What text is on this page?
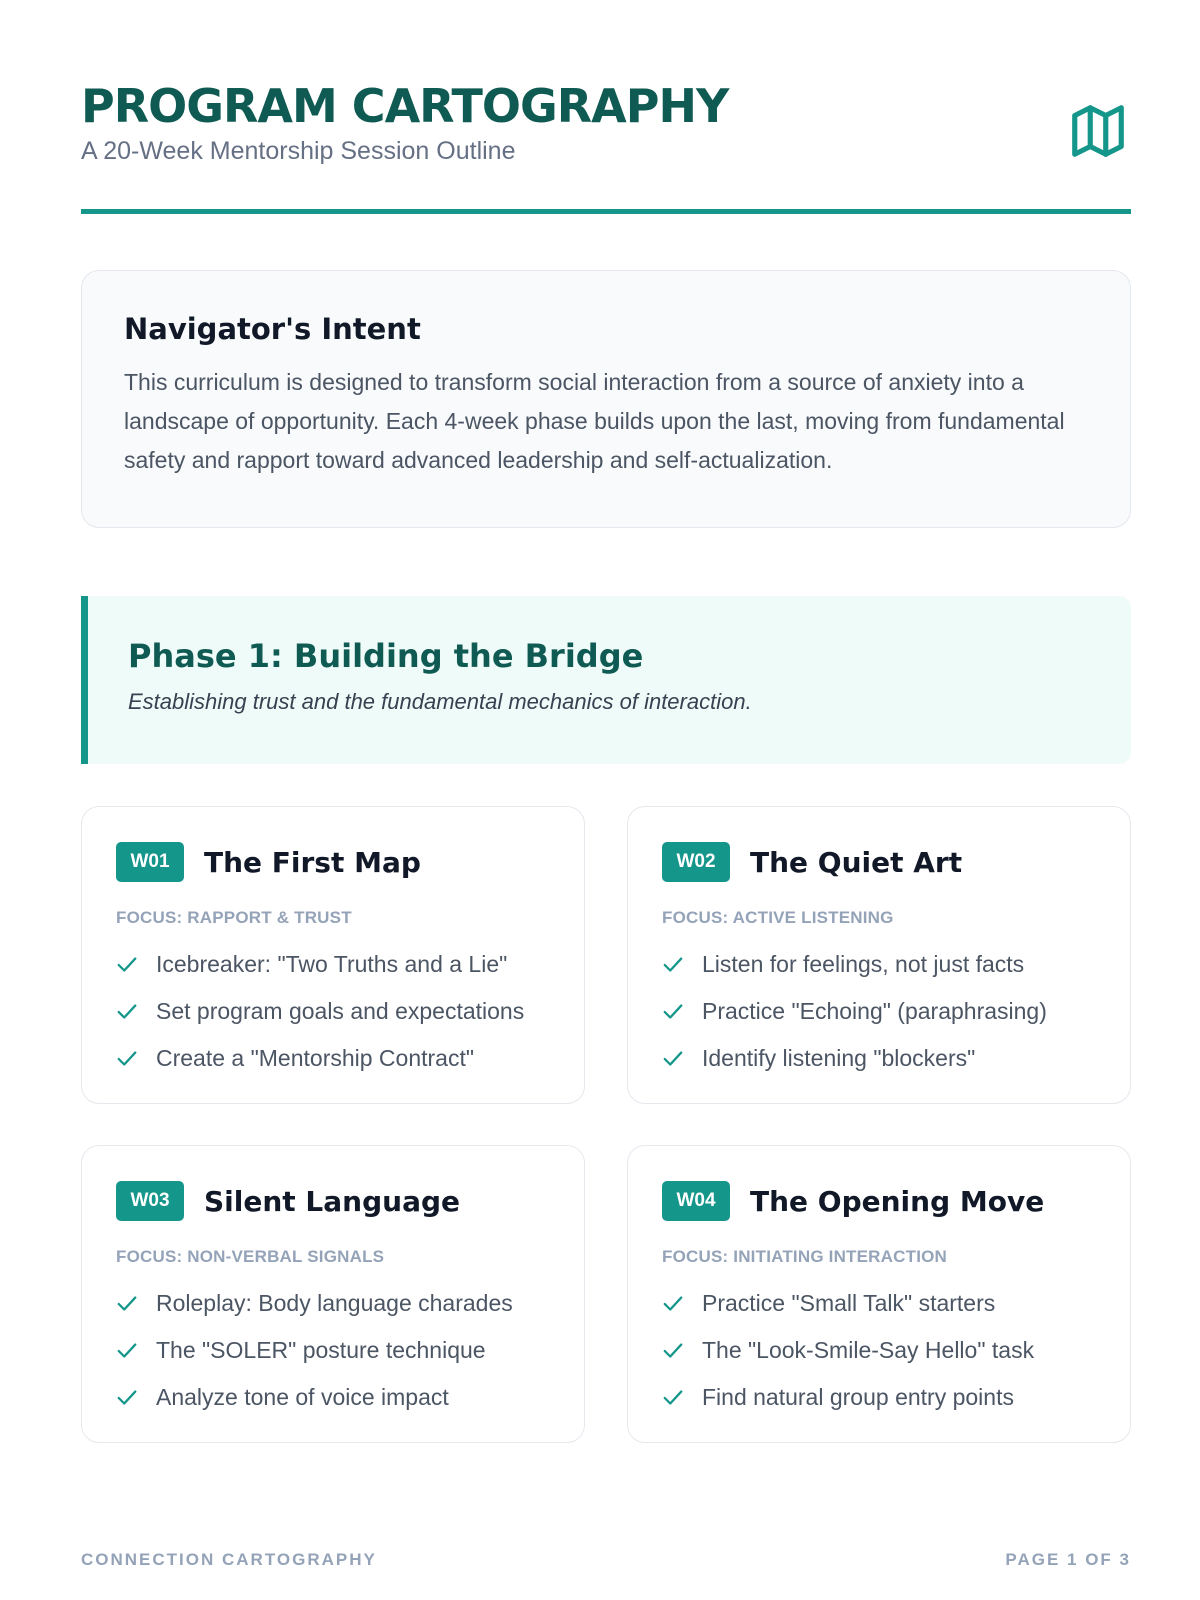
PROGRAM CARTOGRAPHY
A 20-Week Mentorship Session Outline
Navigator's Intent
This curriculum is designed to transform social interaction from a source of anxiety into a landscape of opportunity. Each 4-week phase builds upon the last, moving from fundamental safety and rapport toward advanced leadership and self-actualization.
Phase 1: Building the Bridge
Establishing trust and the fundamental mechanics of interaction.
W01	The First Map
FOCUS: RAPPORT & TRUST
Icebreaker: "Two Truths and a Lie"
Set program goals and expectations
Create a "Mentorship Contract"
W02	The Quiet Art
FOCUS: ACTIVE LISTENING
Listen for feelings, not just facts
Practice "Echoing" (paraphrasing)
Identify listening "blockers"
W03	Silent Language
FOCUS: NON-VERBAL SIGNALS
Roleplay: Body language charades
The "SOLER" posture technique
Analyze tone of voice impact
W04	The Opening Move
FOCUS: INITIATING INTERACTION
Practice "Small Talk" starters
The "Look-Smile-Say Hello" task
Find natural group entry points
CONNECTION CARTOGRAPHY	PAGE 1 OF 3
